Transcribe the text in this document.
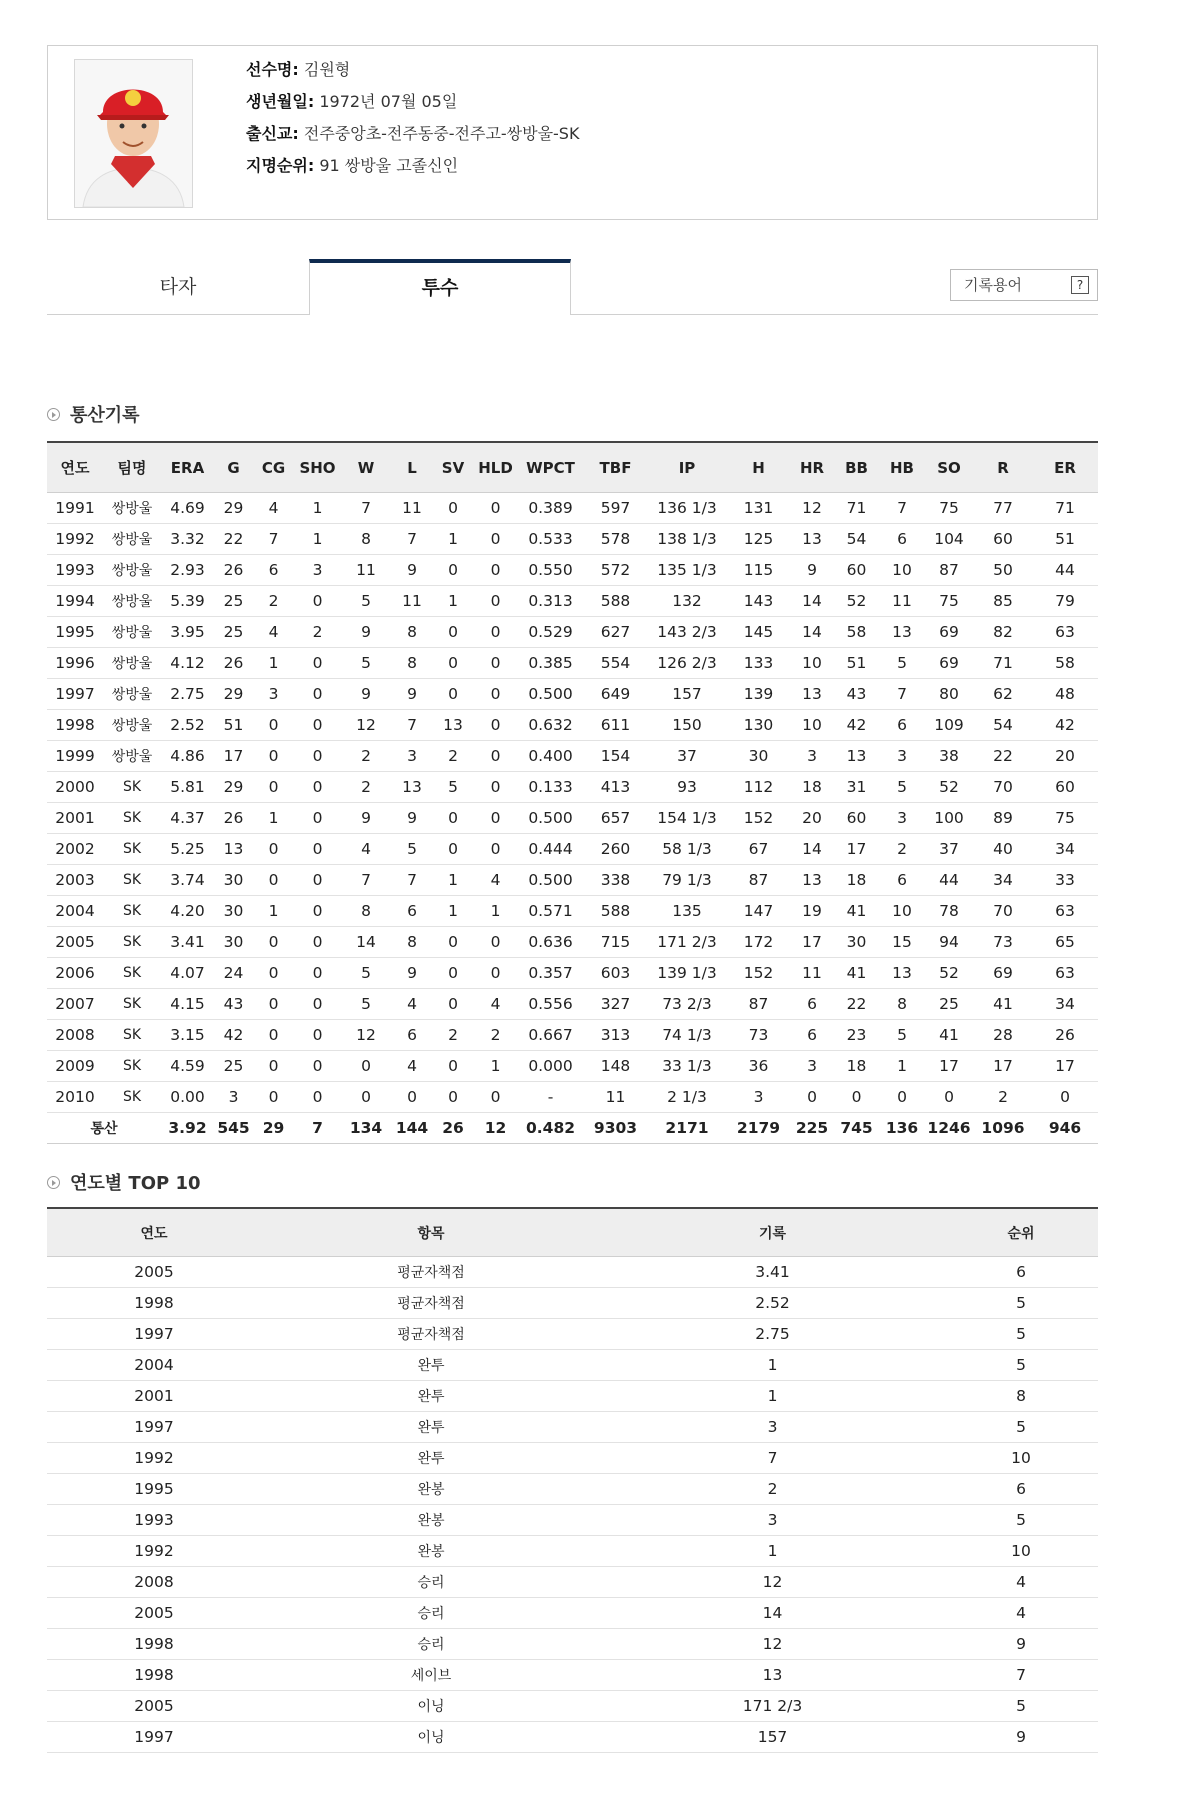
선수명: 김원형
생년월일: 1972년 07월 05일
출신교: 전주중앙초-전주동중-전주고-쌍방울-SK
지명순위: 91 쌍방울 고졸신인
타자	투수	기록용어	?
통산기록
연도	팀명	ERA	G	CG	SHO	W	L	SV	HLD	WPCT	TBF	IP	H	HR	BB	HB	SO	R	ER
1991	쌍방울	4.69	29	4	1	7	11	0	0	0.389	597	136 1/3	131	12	71	7	75	77	71
1992	쌍방울	3.32	22	7	1	8	7	1	0	0.533	578	138 1/3	125	13	54	6	104	60	51
1993	쌍방울	2.93	26	6	3	11	9	0	0	0.550	572	135 1/3	115	9	60	10	87	50	44
1994	쌍방울	5.39	25	2	0	5	11	1	0	0.313	588	132	143	14	52	11	75	85	79
1995	쌍방울	3.95	25	4	2	9	8	0	0	0.529	627	143 2/3	145	14	58	13	69	82	63
1996	쌍방울	4.12	26	1	0	5	8	0	0	0.385	554	126 2/3	133	10	51	5	69	71	58
1997	쌍방울	2.75	29	3	0	9	9	0	0	0.500	649	157	139	13	43	7	80	62	48
1998	쌍방울	2.52	51	0	0	12	7	13	0	0.632	611	150	130	10	42	6	109	54	42
1999	쌍방울	4.86	17	0	0	2	3	2	0	0.400	154	37	30	3	13	3	38	22	20
2000	SK	5.81	29	0	0	2	13	5	0	0.133	413	93	112	18	31	5	52	70	60
2001	SK	4.37	26	1	0	9	9	0	0	0.500	657	154 1/3	152	20	60	3	100	89	75
2002	SK	5.25	13	0	0	4	5	0	0	0.444	260	58 1/3	67	14	17	2	37	40	34
2003	SK	3.74	30	0	0	7	7	1	4	0.500	338	79 1/3	87	13	18	6	44	34	33
2004	SK	4.20	30	1	0	8	6	1	1	0.571	588	135	147	19	41	10	78	70	63
2005	SK	3.41	30	0	0	14	8	0	0	0.636	715	171 2/3	172	17	30	15	94	73	65
2006	SK	4.07	24	0	0	5	9	0	0	0.357	603	139 1/3	152	11	41	13	52	69	63
2007	SK	4.15	43	0	0	5	4	0	4	0.556	327	73 2/3	87	6	22	8	25	41	34
2008	SK	3.15	42	0	0	12	6	2	2	0.667	313	74 1/3	73	6	23	5	41	28	26
2009	SK	4.59	25	0	0	0	4	0	1	0.000	148	33 1/3	36	3	18	1	17	17	17
2010	SK	0.00	3	0	0	0	0	0	0	-	11	2 1/3	3	0	0	0	0	2	0
통산		3.92	545	29	7	134	144	26	12	0.482	9303	2171	2179	225	745	136	1246	1096	946
연도별 TOP 10
연도	항목	기록	순위
2005	평균자책점	3.41	6
1998	평균자책점	2.52	5
1997	평균자책점	2.75	5
2004	완투	1	5
2001	완투	1	8
1997	완투	3	5
1992	완투	7	10
1995	완봉	2	6
1993	완봉	3	5
1992	완봉	1	10
2008	승리	12	4
2005	승리	14	4
1998	승리	12	9
1998	세이브	13	7
2005	이닝	171 2/3	5
1997	이닝	157	9
